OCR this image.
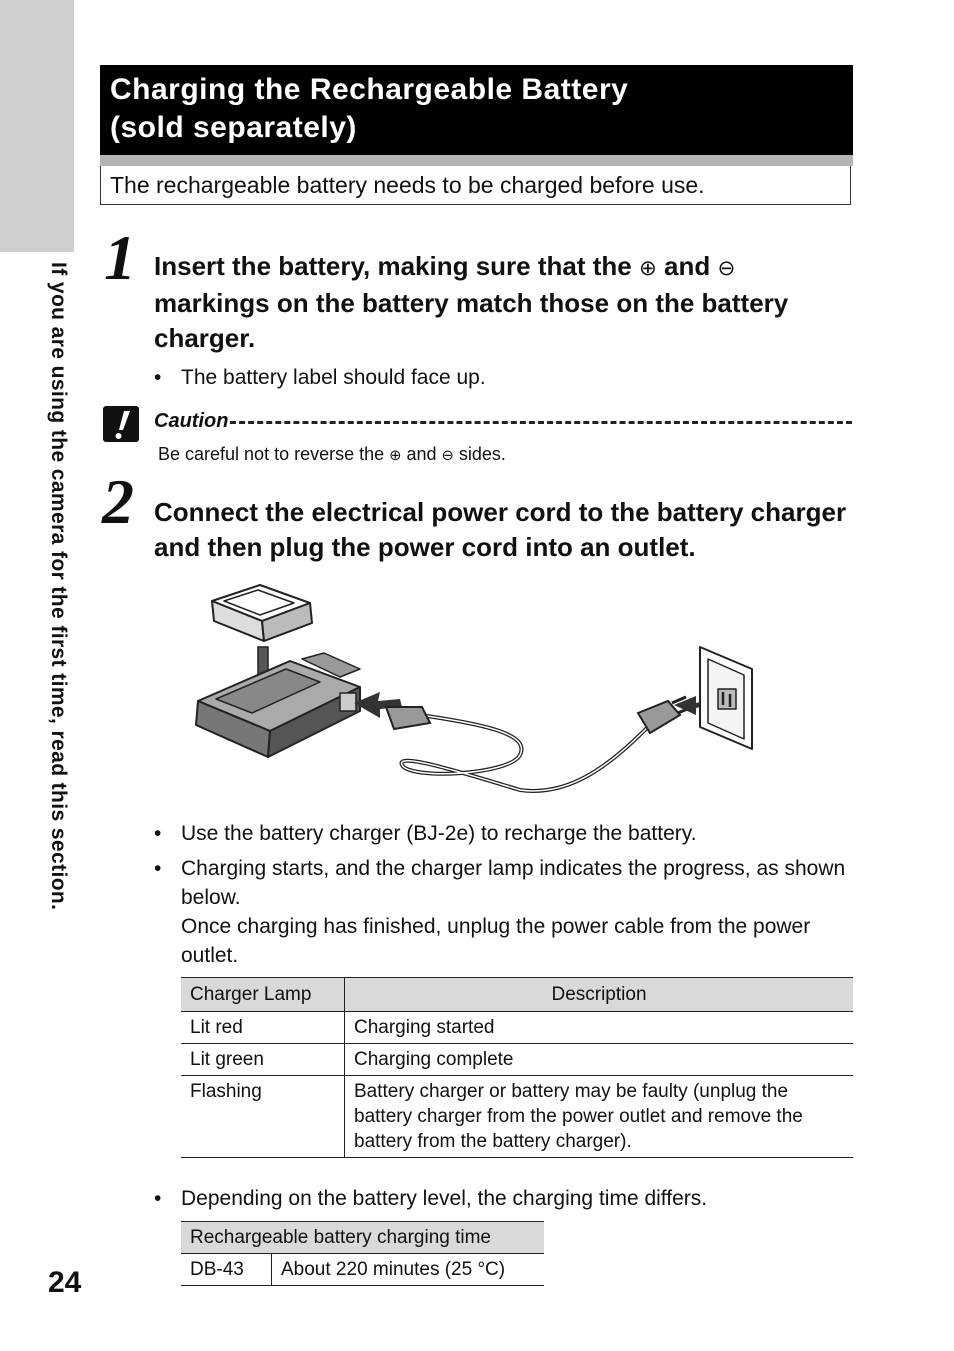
If you are using the camera for the first time, read this section.
Charging the Rechargeable Battery
(sold separately)
The rechargeable battery needs to be charged before use.
1 Insert the battery, making sure that the ⊕ and ⊖ markings on the battery match those on the battery charger.
• The battery label should face up.
Caution
Be careful not to reverse the ⊕ and ⊖ sides.
2 Connect the electrical power cord to the battery charger and then plug the power cord into an outlet.
• Use the battery charger (BJ-2e) to recharge the battery.
• Charging starts, and the charger lamp indicates the progress, as shown below.
Once charging has finished, unplug the power cable from the power outlet.
Charger Lamp	Description
Lit red	Charging started
Lit green	Charging complete
Flashing	Battery charger or battery may be faulty (unplug the battery charger from the power outlet and remove the battery from the battery charger).
• Depending on the battery level, the charging time differs.
Rechargeable battery charging time
DB-43	About 220 minutes (25 °C)
24
